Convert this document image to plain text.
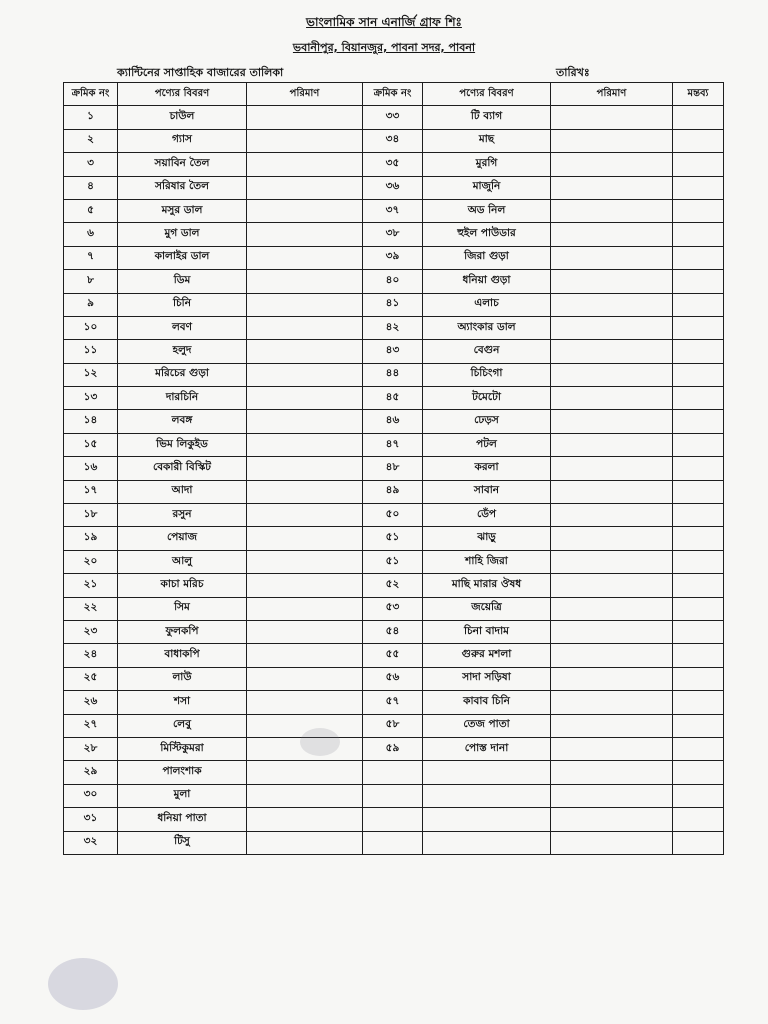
ভাংলামিক সান এনার্জি গ্রাফ শিঃ
ভবানীপুর, বিয়ানজুর, পাবনা সদর, পাবনা
ক্যান্টিনের সাপ্তাহিক বাজারের তালিকা	তারিখঃ
ক্রমিক নং	পণ্যের বিবরণ	পরিমাণ	ক্রমিক নং	পণ্যের বিবরণ	পরিমাণ	মন্তব্য
১	চাউল		৩৩	টি ব্যাগ		
২	গ্যাস		৩৪	মাছ		
৩	সয়াবিন তৈল		৩৫	মুরগি		
৪	সরিষার তৈল		৩৬	মাজুনি		
৫	মসুর ডাল		৩৭	অড নিল		
৬	মুগ ডাল		৩৮	হুইল পাউডার		
৭	কালাইর ডাল		৩৯	জিরা গুড়া		
৮	ডিম		৪০	ধনিয়া গুড়া		
৯	চিনি		৪১	এলাচ		
১০	লবণ		৪২	অ্যাংকার ডাল		
১১	হলুদ		৪৩	বেগুন		
১২	মরিচের গুড়া		৪৪	চিচিংগা		
১৩	দারচিনি		৪৫	টমেটো		
১৪	লবঙ্গ		৪৬	ঢেড়স		
১৫	ভিম লিকুইড		৪৭	পটল		
১৬	বেকারী বিস্কিট		৪৮	করলা		
১৭	আদা		৪৯	সাবান		
১৮	রসুন		৫০	ডেঁপ		
১৯	পেয়াজ		৫১	ঝাড়ু		
২০	আলু		৫১	শাহি জিরা		
২১	কাচা মরিচ		৫২	মাছি মারার ঔষধ		
২২	সিম		৫৩	জয়েত্রি		
২৩	ফুলকপি		৫৪	চিনা বাদাম		
২৪	বাধাকপি		৫৫	গুরুর মশলা		
২৫	লাউ		৫৬	সাদা সড়িষা		
২৬	শসা		৫৭	কাবাব চিনি		
২৭	লেবু		৫৮	তেজ পাতা		
২৮	মিস্টিকুমরা		৫৯	পোস্ত দানা		
২৯	পালংশাক					
৩০	মুলা					
৩১	ধনিয়া পাতা					
৩২	টিসু					
